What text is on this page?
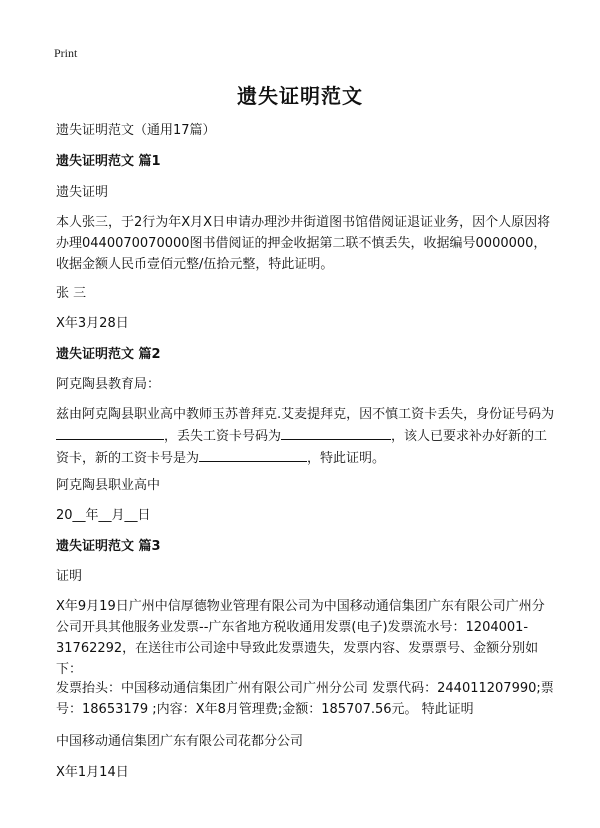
Print
遗失证明范文
遗失证明范文（通用17篇）
遗失证明范文 篇1
遗失证明
本人张三，于2行为年X月X日申请办理沙井街道图书馆借阅证退证业务，因个人原因将办理0440070070000图书借阅证的押金收据第二联不慎丢失，收据编号0000000，收据金额人民币壹佰元整/伍拾元整，特此证明。
张 三
X年3月28日
遗失证明范文 篇2
阿克陶县教育局：
兹由阿克陶县职业高中教师玉苏普拜克.艾麦提拜克，因不慎工资卡丢失，身份证号码为，丢失工资卡号码为	，该人已要求补办好新的工资卡，新的工资卡号是为	，特此证明。
阿克陶县职业高中
20__年__月__日
遗失证明范文 篇3
证明
X年9月19日广州中信厚德物业管理有限公司为中国移动通信集团广东有限公司广州分公司开具其他服务业发票--广东省地方税收通用发票(电子)发票流水号：1204001-31762292，在送往市公司途中导致此发票遗失，发票内容、发票票号、金额分别如下：
发票抬头：中国移动通信集团广州有限公司广州分公司 发票代码：244011207990;票号：18653179 ;内容：X年8月管理费;金额：185707.56元。 特此证明
中国移动通信集团广东有限公司花都分公司
X年1月14日
